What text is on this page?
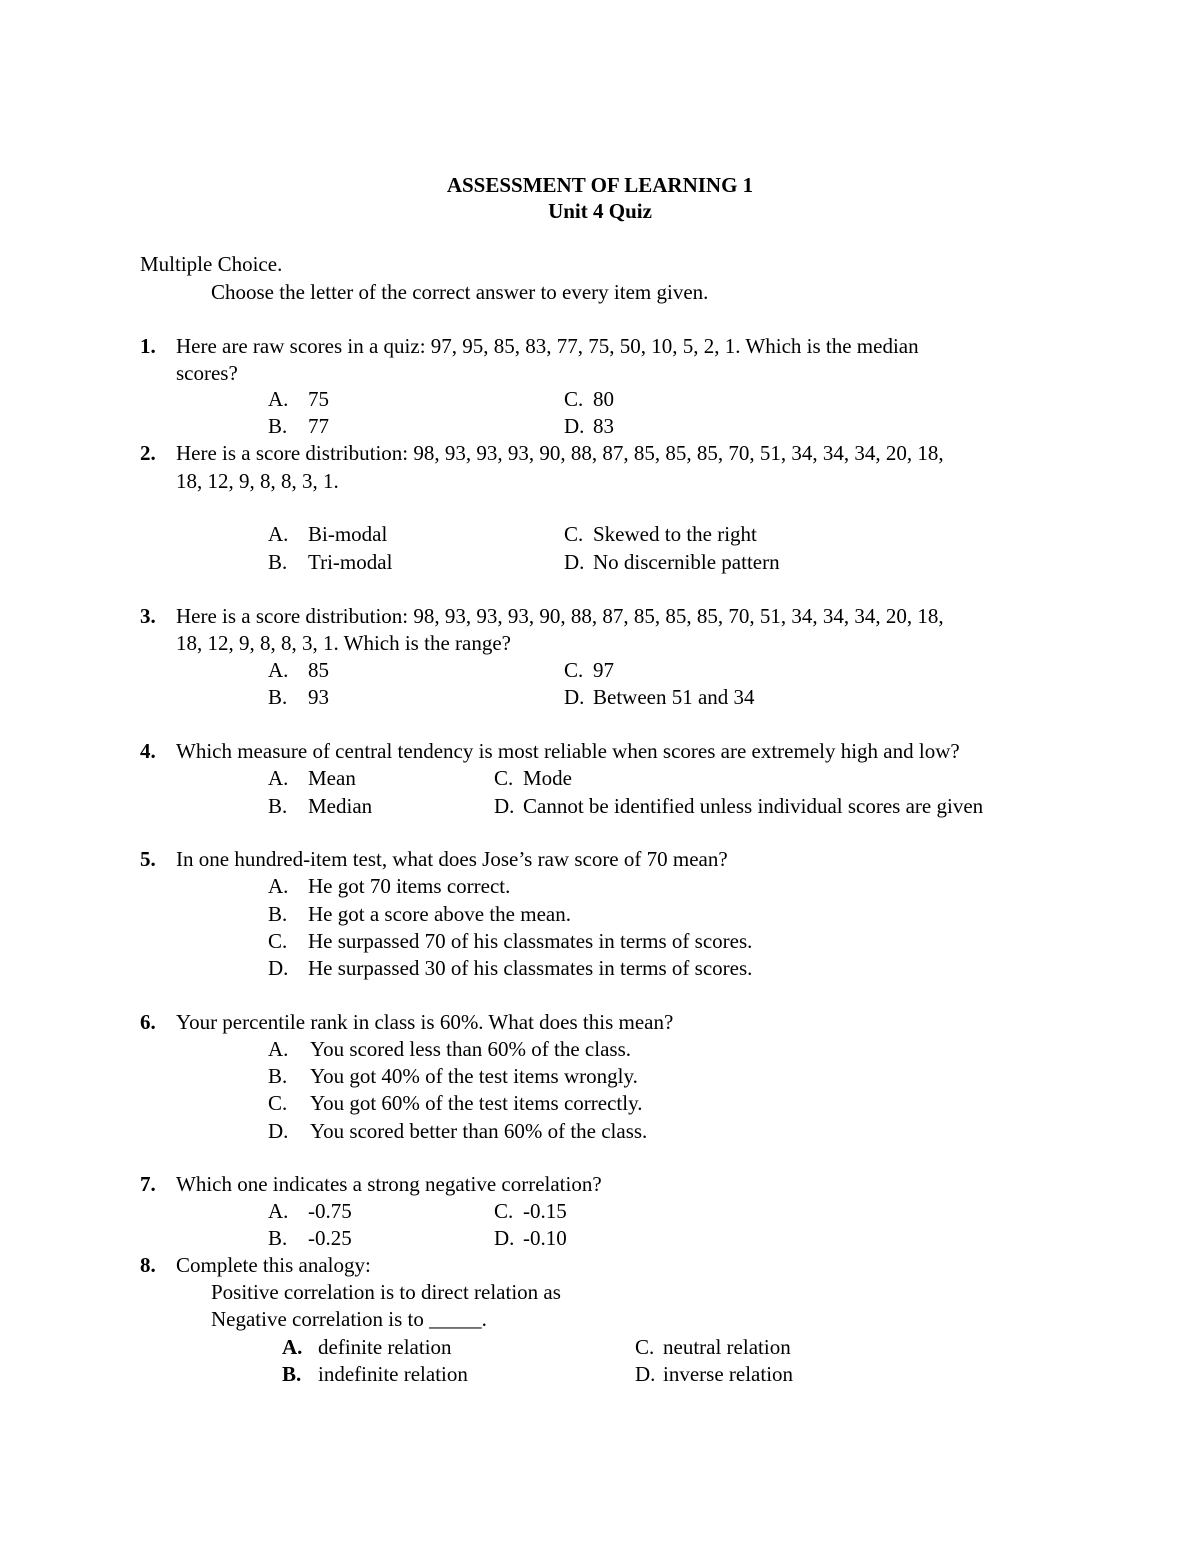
ASSESSMENT OF LEARNING 1
Unit 4 Quiz
Multiple Choice.
Choose the letter of the correct answer to every item given.
1. Here are raw scores in a quiz: 97, 95, 85, 83, 77, 75, 50, 10, 5, 2, 1. Which is the median
scores?
A. 75
B. 77
C. 80
D. 83
2. Here is a score distribution: 98, 93, 93, 93, 90, 88, 87, 85, 85, 85, 70, 51, 34, 34, 34, 20, 18,
18, 12, 9, 8, 8, 3, 1.
A. Bi-modal
B. Tri-modal
C. Skewed to the right
D. No discernible pattern
3. Here is a score distribution: 98, 93, 93, 93, 90, 88, 87, 85, 85, 85, 70, 51, 34, 34, 34, 20, 18,
18, 12, 9, 8, 8, 3, 1. Which is the range?
A. 85
B. 93
C. 97
D. Between 51 and 34
4. Which measure of central tendency is most reliable when scores are extremely high and low?
A. Mean
B. Median
C. Mode
D. Cannot be identified unless individual scores are given
5. In one hundred-item test, what does Jose’s raw score of 70 mean?
A. He got 70 items correct.
B. He got a score above the mean.
C. He surpassed 70 of his classmates in terms of scores.
D. He surpassed 30 of his classmates in terms of scores.
6. Your percentile rank in class is 60%. What does this mean?
A. You scored less than 60% of the class.
B. You got 40% of the test items wrongly.
C. You got 60% of the test items correctly.
D. You scored better than 60% of the class.
7. Which one indicates a strong negative correlation?
A. -0.75
B. -0.25
C. -0.15
D. -0.10
8. Complete this analogy:
Positive correlation is to direct relation as
Negative correlation is to _____.
A. definite relation
B. indefinite relation
C. neutral relation
D. inverse relation
